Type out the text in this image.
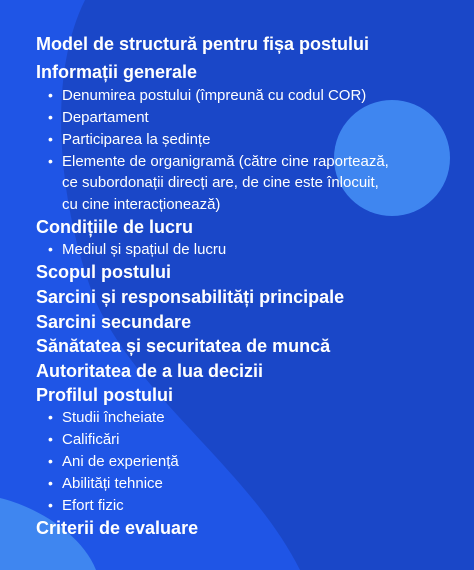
Model de structură pentru fișa postului
Informații generale
• Denumirea postului (împreună cu codul COR)
• Departament
• Participarea la ședințe
• Elemente de organigramă (către cine raportează,
ce subordonații direcți are, de cine este înlocuit,
cu cine interacționează)
Condițiile de lucru
• Mediul și spațiul de lucru
Scopul postului
Sarcini și responsabilități principale
Sarcini secundare
Sănătatea și securitatea de muncă
Autoritatea de a lua decizii
Profilul postului
• Studii încheiate
• Calificări
• Ani de experiență
• Abilități tehnice
• Efort fizic
Criterii de evaluare
